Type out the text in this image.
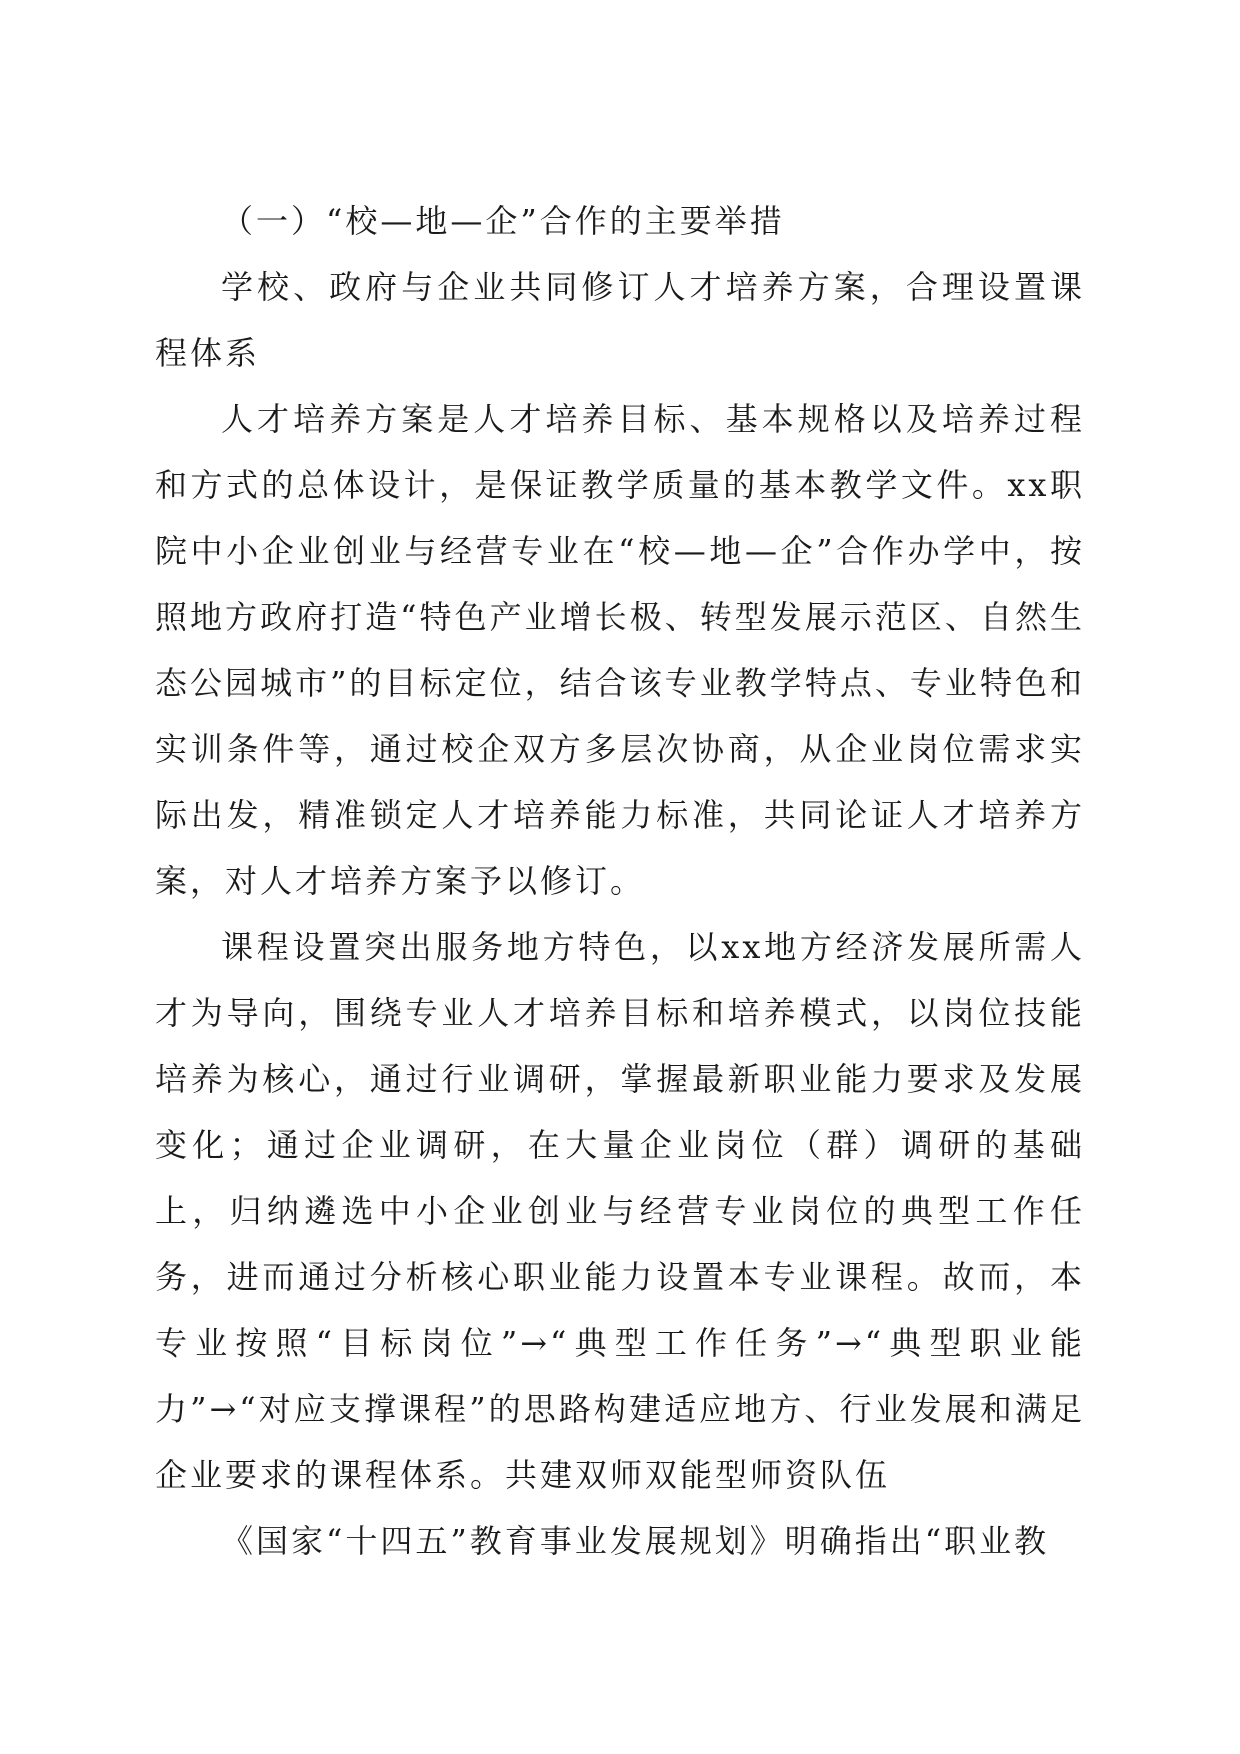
（一）“校—地—企”合作的主要举措

学校、政府与企业共同修订人才培养方案，合理设置课程体系

人才培养方案是人才培养目标、基本规格以及培养过程和方式的总体设计，是保证教学质量的基本教学文件。xx职院中小企业创业与经营专业在“校—地—企”合作办学中，按照地方政府打造“特色产业增长极、转型发展示范区、自然生态公园城市”的目标定位，结合该专业教学特点、专业特色和实训条件等，通过校企双方多层次协商，从企业岗位需求实际出发，精准锁定人才培养能力标准，共同论证人才培养方案，对人才培养方案予以修订。

课程设置突出服务地方特色，以xx地方经济发展所需人才为导向，围绕专业人才培养目标和培养模式，以岗位技能培养为核心，通过行业调研，掌握最新职业能力要求及发展变化；通过企业调研，在大量企业岗位（群）调研的基础上，归纳遴选中小企业创业与经营专业岗位的典型工作任务，进而通过分析核心职业能力设置本专业课程。故而，本专业按照“目标岗位”→“典型工作任务”→“典型职业能力”→“对应支撑课程”的思路构建适应地方、行业发展和满足企业要求的课程体系。共建双师双能型师资队伍

《国家“十四五”教育事业发展规划》明确指出“职业教
